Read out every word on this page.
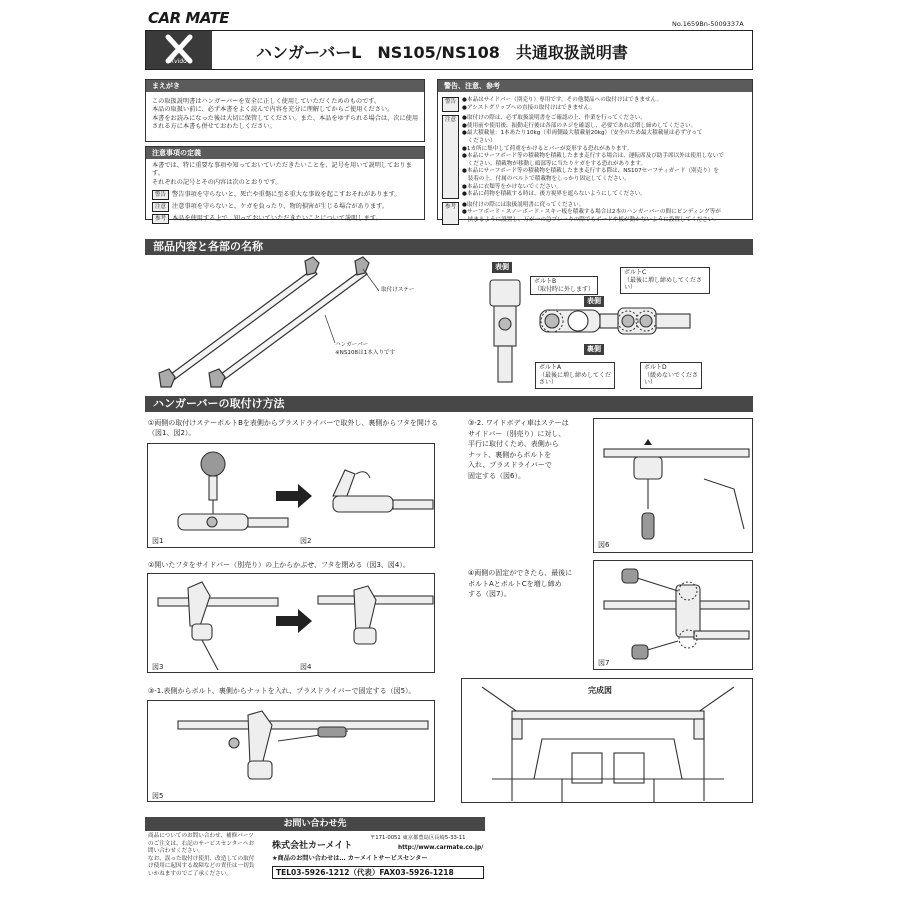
CAR MATE	No.1659Bn-5009337A
Xvido	ハンガーバーL　NS105/NS108　共通取扱説明書
まえがき
この取扱説明書はハンガーバーを安全に正しく使用していただくためのものです。
本品の取扱い前に、必ず本書をよく読んで内容を充分に理解してからご使用ください。
本書をお読みになった後は大切に保管してください。また、本品をゆずられる場合は、次に使用
される方に本書も併せておわたしください。
注意事項の定義
本書では、特に重要な事項や知っておいていただきたいことを、記号を用いて説明しております。
それぞれの記号とその内容は次のとおりです。
警告 警告事項を守らないと、死亡や重傷に至る重大な事故を起こすおそれがあります。
注意 注意事項を守らないと、ケガを負ったり、物的損害が生じる場合があります。
参考 本品を使用する上で、知っておいていただきたいことについて説明します。
警告、注意、参考
警告	●本品はサイドバー（別売り）専用です。その他製品への取付けはできません。
●アシストグリップへの直接の取付けはできません。
注意	●取付けの際は、必ず取扱説明書をご確認の上、作業を行ってください。
●使用前や使用後、振動走行後は各部のネジを確認し、必要であれば増し締めしてください。
●最大積載量：1本あたり10kg（車両側最大積載量20kg）（安全のため最大積載量は必ず守って
　ください）
●1カ所に集中して荷重をかけるとバーが変形する恐れがあります。
●本品にサーフボード等の積載物を積載したまま走行する場合は、運転席及び助手席以外は使用しないで
　ください。積載物が移動し頭部等に当たりケガをする恐れがあります。
●本品にサーフボード等の積載物を積載したまま走行する際は、NS107セーフティガード（別売り）を
　装着の上、付属のベルトで積載物をしっかり固定してください。
●本品に衣類等をかけないでください。
●本品に荷物を積載する時は、後方視界を遮らないようにしてください。
参考	●取付けの際には取扱説明書に従ってください。
●サーフボード・スノーボード・スキー板を積載する場合は2本のハンガーバーの間にピンディング等が
　挟まるように設置し、万が一の急ブレーキの際でもボードや板が動かないように設置してください。
部品内容と各部の名称
取付けステー
ハンガーバー
※NS108は1本入りです
表側
ボルトB
（取付時に外します）
ボルトC
（最後に増し締めしてください）
表側
裏側
ボルトA
（最後に増し締めしてください）
ボルトD
（緩めないでください）
ハンガーバーの取付け方法
①両側の取付けステーボルトBを表側からプラスドライバーで取外し、裏側からフタを開ける（図1、図2）。
図1	図2
②開いたフタをサイドバー（別売り）の上からかぶせ、フタを閉める（図3、図4）。
図3	図4
③-1.表側からボルト、裏側からナットを入れ、プラスドライバーで固定する（図5）。
図5
③-2. ワイドボディ車はステーは
サイドバー（別売り）に対し、
平行に取付くため、表側から
ナット、裏側からボルトを
入れ、プラスドライバーで
固定する（図6）。
図6
④両側の固定ができたら、最後に
ボルトAとボルトCを増し締め
する（図7）。
図7
完成図
お問い合わせ先
商品についてのお問い合わせ、補修パーツ
のご注文は、右記のサービスセンターへお
問い合わせください。
なお、誤った取付け使用、改造しての取付
け使用に起因する故障などの責任は一切負
いかねますのでご了承ください。
株式会社カーメイト
〒171-0051 東京都豊島区長崎5-33-11
http://www.carmate.co.jp/
★商品のお問い合わせは… カーメイトサービスセンター
TEL03-5926-1212（代表）FAX03-5926-1218
